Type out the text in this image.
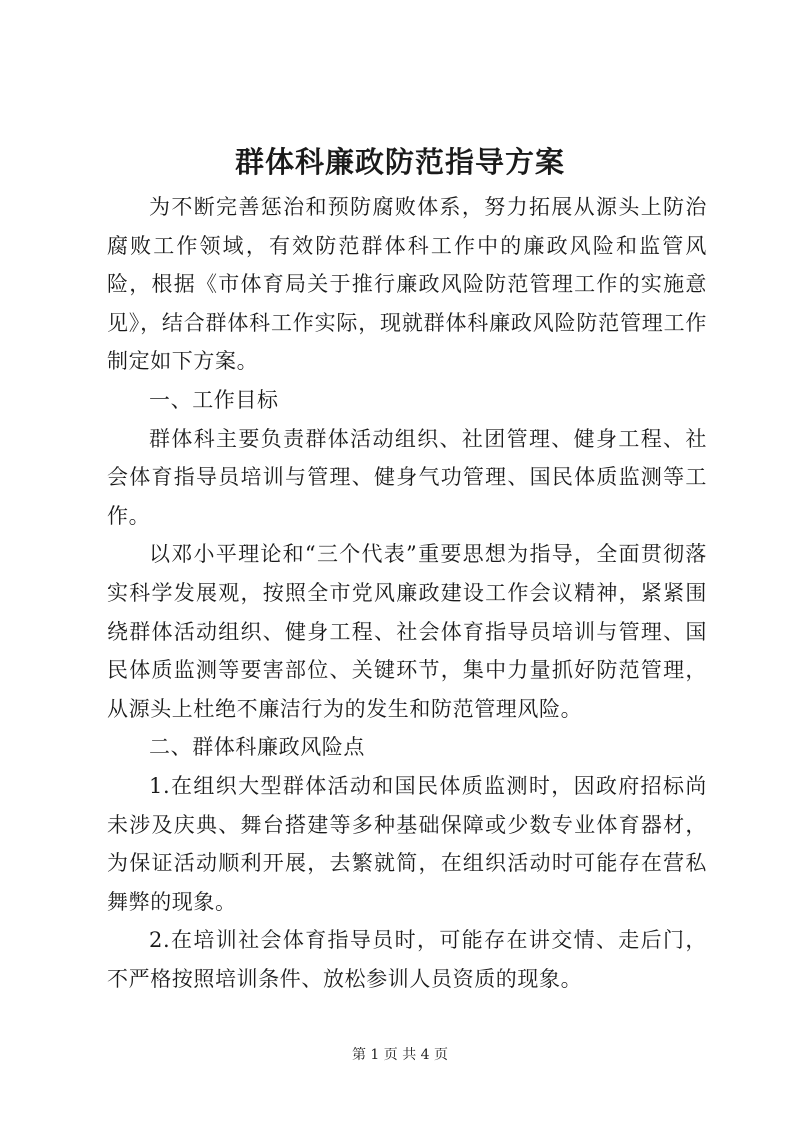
群体科廉政防范指导方案

为不断完善惩治和预防腐败体系，努力拓展从源头上防治腐败工作领域，有效防范群体科工作中的廉政风险和监管风险，根据《市体育局关于推行廉政风险防范管理工作的实施意见》，结合群体科工作实际，现就群体科廉政风险防范管理工作制定如下方案。

一、工作目标

群体科主要负责群体活动组织、社团管理、健身工程、社会体育指导员培训与管理、健身气功管理、国民体质监测等工作。

以邓小平理论和“三个代表”重要思想为指导，全面贯彻落实科学发展观，按照全市党风廉政建设工作会议精神，紧紧围绕群体活动组织、健身工程、社会体育指导员培训与管理、国民体质监测等要害部位、关键环节，集中力量抓好防范管理，从源头上杜绝不廉洁行为的发生和防范管理风险。

二、群体科廉政风险点

1.在组织大型群体活动和国民体质监测时，因政府招标尚未涉及庆典、舞台搭建等多种基础保障或少数专业体育器材，为保证活动顺利开展，去繁就简，在组织活动时可能存在营私舞弊的现象。

2.在培训社会体育指导员时，可能存在讲交情、走后门，不严格按照培训条件、放松参训人员资质的现象。

第 1 页 共 4 页
